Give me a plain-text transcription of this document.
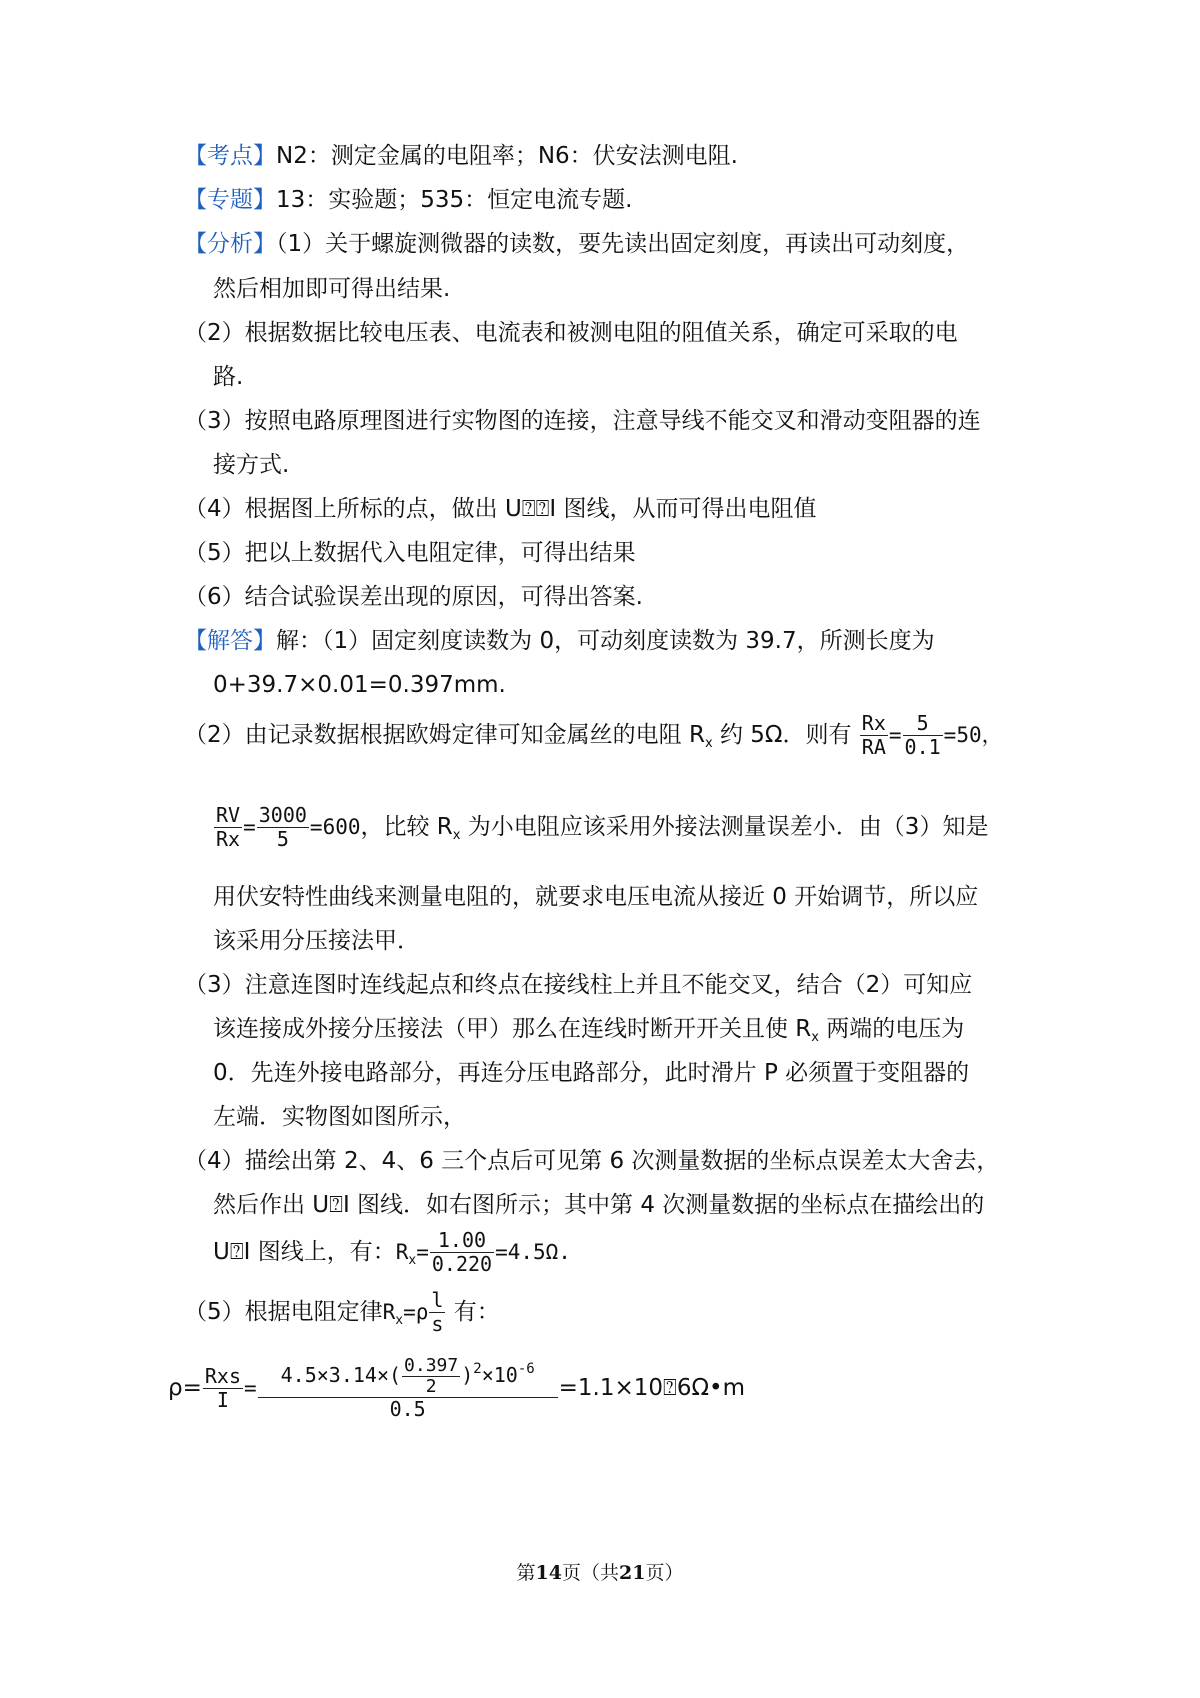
【考点】N2：测定金属的电阻率；N6：伏安法测电阻.
【专题】13：实验题；535：恒定电流专题.
【分析】（1）关于螺旋测微器的读数，要先读出固定刻度，再读出可动刻度，
然后相加即可得出结果.
（2）根据数据比较电压表、电流表和被测电阻的阻值关系，确定可采取的电
路.
（3）按照电路原理图进行实物图的连接，注意导线不能交叉和滑动变阻器的连
接方式.
（4）根据图上所标的点，做出 U⍰⍰I 图线，从而可得出电阻值
（5）把以上数据代入电阻定律，可得出结果
（6）结合试验误差出现的原因，可得出答案.
【解答】解：（1）固定刻度读数为 0，可动刻度读数为 39.7，所测长度为
0+39.7×0.01=0.397mm.
（2）由记录数据根据欧姆定律可知金属丝的电阻 $R_x$ 约 5Ω．则有 $\frac{Rx}{RA} = \frac{5}{0.1} =50$，
$\frac{RV}{Rx} = \frac{3000}{5} =600$，比较 $R_x$ 为小电阻应该采用外接法测量误差小．由（3）知是
用伏安特性曲线来测量电阻的，就要求电压电流从接近 0 开始调节，所以应
该采用分压接法甲．
（3）注意连图时连线起点和终点在接线柱上并且不能交叉，结合（2）可知应
该连接成外接分压接法（甲）那么在连线时断开开关且使 $R_x$ 两端的电压为
0．先连外接电路部分，再连分压电路部分，此时滑片 P 必须置于变阻器的
左端．实物图如图所示，
（4）描绘出第 2、4、6 三个点后可见第 6 次测量数据的坐标点误差太大舍去，
然后作出 U⍰I 图线．如右图所示；其中第 4 次测量数据的坐标点在描绘出的
U⍰I 图线上，有：$R_x= \frac{1.00}{0.220} =4.5\Omega$.
（5）根据电阻定律$R_x=\rho \frac{l}{s}$ 有：
$\rho= \frac{\text{Rxs}}{I} = \frac{4.5\times 3.14\times( \frac{0.397}{2} )^2\times 10^{-6}}{0.5}$ =1.1×10⍰6Ω•m
第14页（共21页）
